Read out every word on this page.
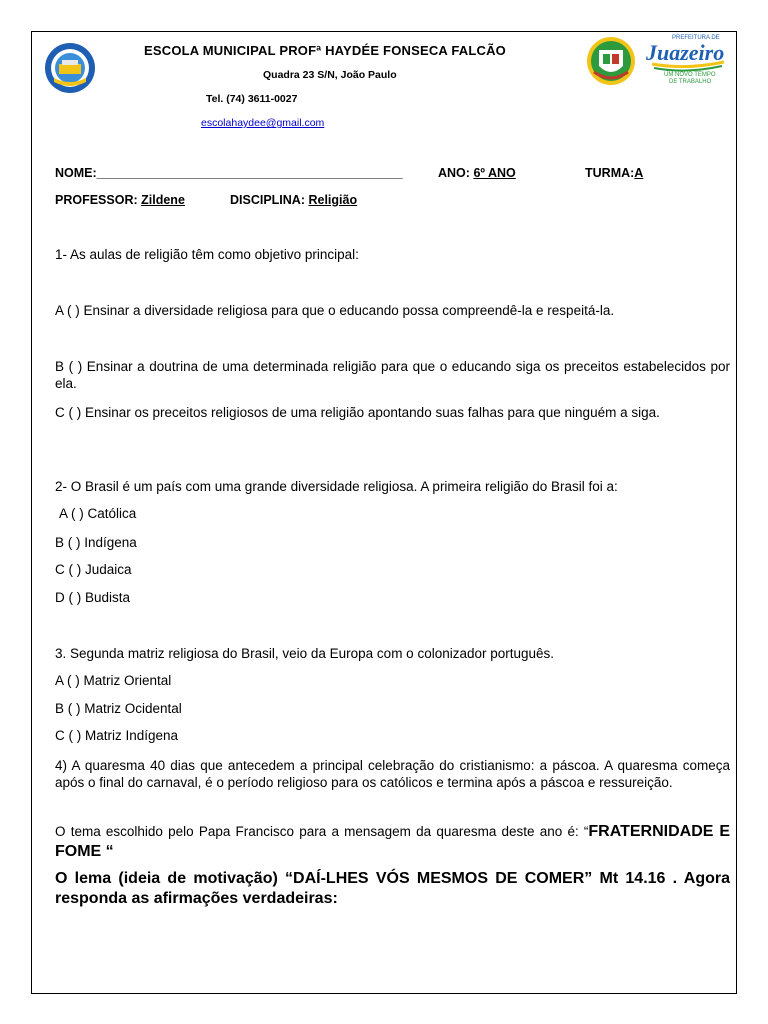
ESCOLA MUNICIPAL PROFª HAYDÉE FONSECA FALCÃO
Quadra 23 S/N, João Paulo
Tel. (74) 3611-0027
escolahaydee@gmail.com
PREFEITURA DE
Juazeiro
UM NOVO TEMPO
DE TRABALHO
NOME:____________________________________________	ANO: 6º ANO	TURMA:A
PROFESSOR: Zildene	DISCIPLINA: Religião
1- As aulas de religião têm como objetivo principal:
A ( ) Ensinar a diversidade religiosa para que o educando possa compreendê-la e respeitá-la.
B ( ) Ensinar a doutrina de uma determinada religião para que o educando siga os preceitos estabelecidos por ela.
C ( ) Ensinar os preceitos religiosos de uma religião apontando suas falhas para que ninguém a siga.
2- O Brasil é um país com uma grande diversidade religiosa. A primeira religião do Brasil foi a:
A ( ) Católica
B ( ) Indígena
C ( ) Judaica
D ( ) Budista
3. Segunda matriz religiosa do Brasil, veio da Europa com o colonizador português.
A ( ) Matriz Oriental
B ( ) Matriz Ocidental
C ( ) Matriz Indígena
4) A quaresma 40 dias que antecedem a principal celebração do cristianismo: a páscoa. A quaresma começa após o final do carnaval, é o período religioso para os católicos e termina após a páscoa e ressureição.
O tema escolhido pelo Papa Francisco para a mensagem da quaresma deste ano é: “FRATERNIDADE E FOME “
O lema (ideia de motivação) “DAÍ-LHES VÓS MESMOS DE COMER” Mt 14.16 . Agora responda as afirmações verdadeiras:
